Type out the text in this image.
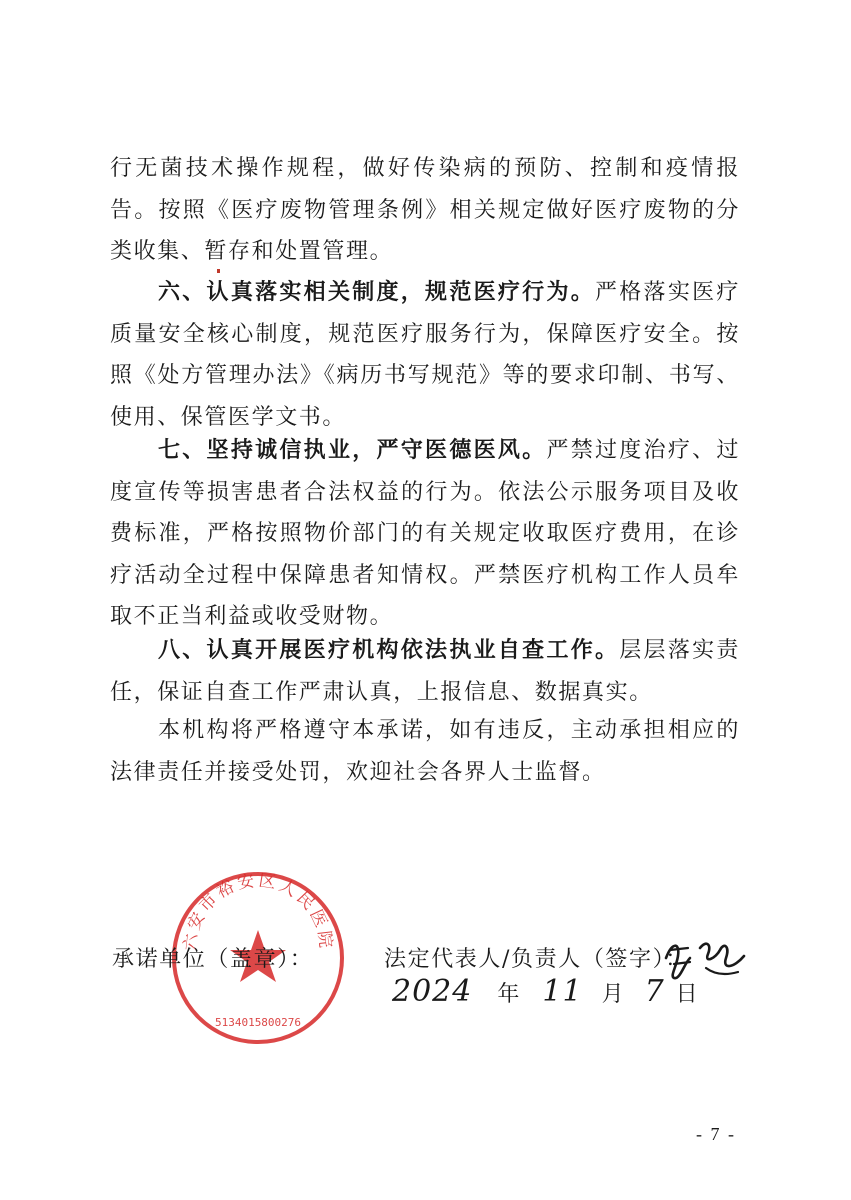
行无菌技术操作规程，做好传染病的预防、控制和疫情报告。按照《医疗废物管理条例》相关规定做好医疗废物的分类收集、暂存和处置管理。

六、认真落实相关制度，规范医疗行为。严格落实医疗质量安全核心制度，规范医疗服务行为，保障医疗安全。按照《处方管理办法》《病历书写规范》等的要求印制、书写、使用、保管医学文书。

七、坚持诚信执业，严守医德医风。严禁过度治疗、过度宣传等损害患者合法权益的行为。依法公示服务项目及收费标准，严格按照物价部门的有关规定收取医疗费用，在诊疗活动全过程中保障患者知情权。严禁医疗机构工作人员牟取不正当利益或收受财物。

八、认真开展医疗机构依法执业自查工作。层层落实责任，保证自查工作严肃认真，上报信息、数据真实。

本机构将严格遵守本承诺，如有违反，主动承担相应的法律责任并接受处罚，欢迎社会各界人士监督。

六安市裕安区人民医院
5134015800276
承诺单位（盖章）：	法定代表人/负责人（签字）：
2024 年 11 月 7 日
- 7 -
